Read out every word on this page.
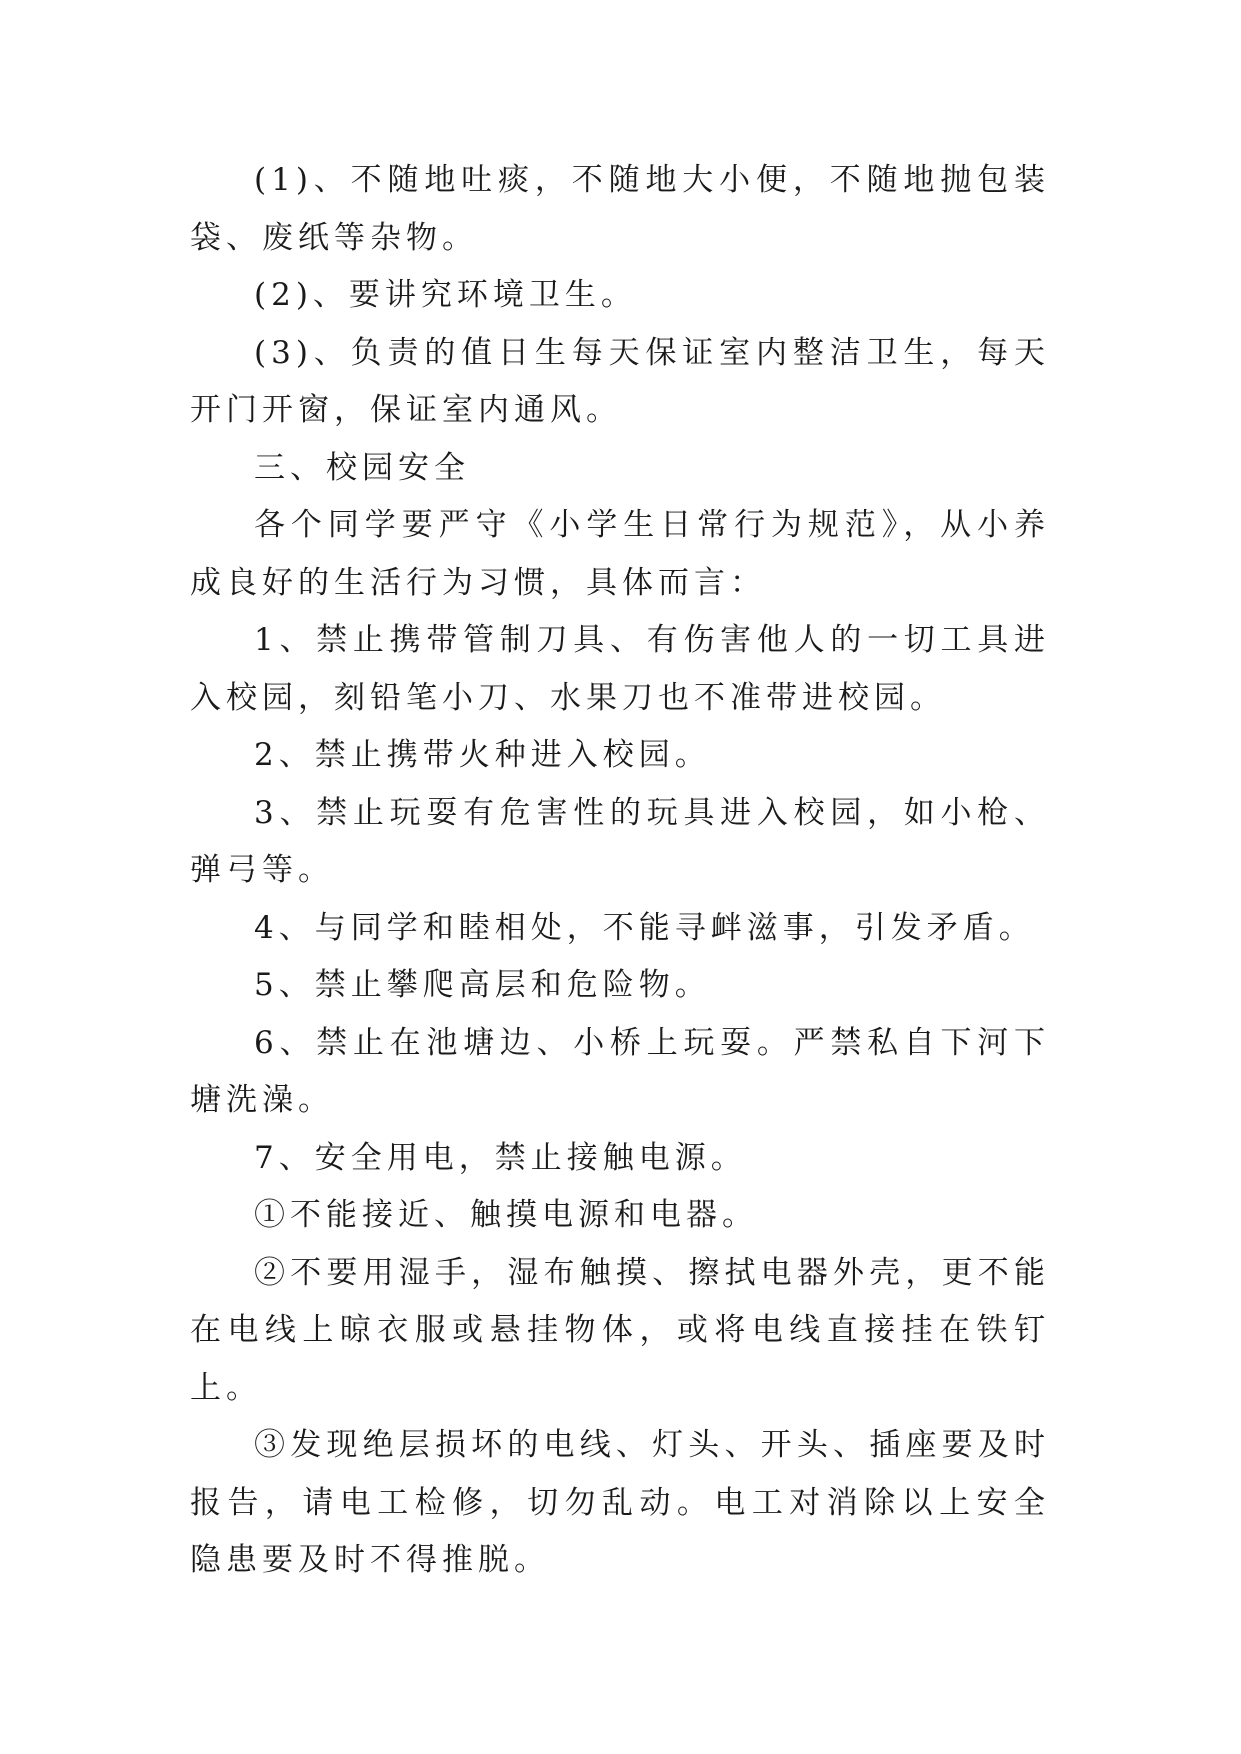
(1)、不随地吐痰，不随地大小便，不随地抛包装袋、废纸等杂物。

(2)、要讲究环境卫生。

(3)、负责的值日生每天保证室内整洁卫生，每天开门开窗，保证室内通风。

三、校园安全

各个同学要严守《小学生日常行为规范》，从小养成良好的生活行为习惯，具体而言：

1、禁止携带管制刀具、有伤害他人的一切工具进入校园，刻铅笔小刀、水果刀也不准带进校园。

2、禁止携带火种进入校园。

3、禁止玩耍有危害性的玩具进入校园，如小枪、弹弓等。

4、与同学和睦相处，不能寻衅滋事，引发矛盾。

5、禁止攀爬高层和危险物。

6、禁止在池塘边、小桥上玩耍。严禁私自下河下塘洗澡。

7、安全用电，禁止接触电源。

①不能接近、触摸电源和电器。

②不要用湿手，湿布触摸、擦拭电器外壳，更不能在电线上晾衣服或悬挂物体，或将电线直接挂在铁钉上。

③发现绝层损坏的电线、灯头、开头、插座要及时报告，请电工检修，切勿乱动。电工对消除以上安全隐患要及时不得推脱。
